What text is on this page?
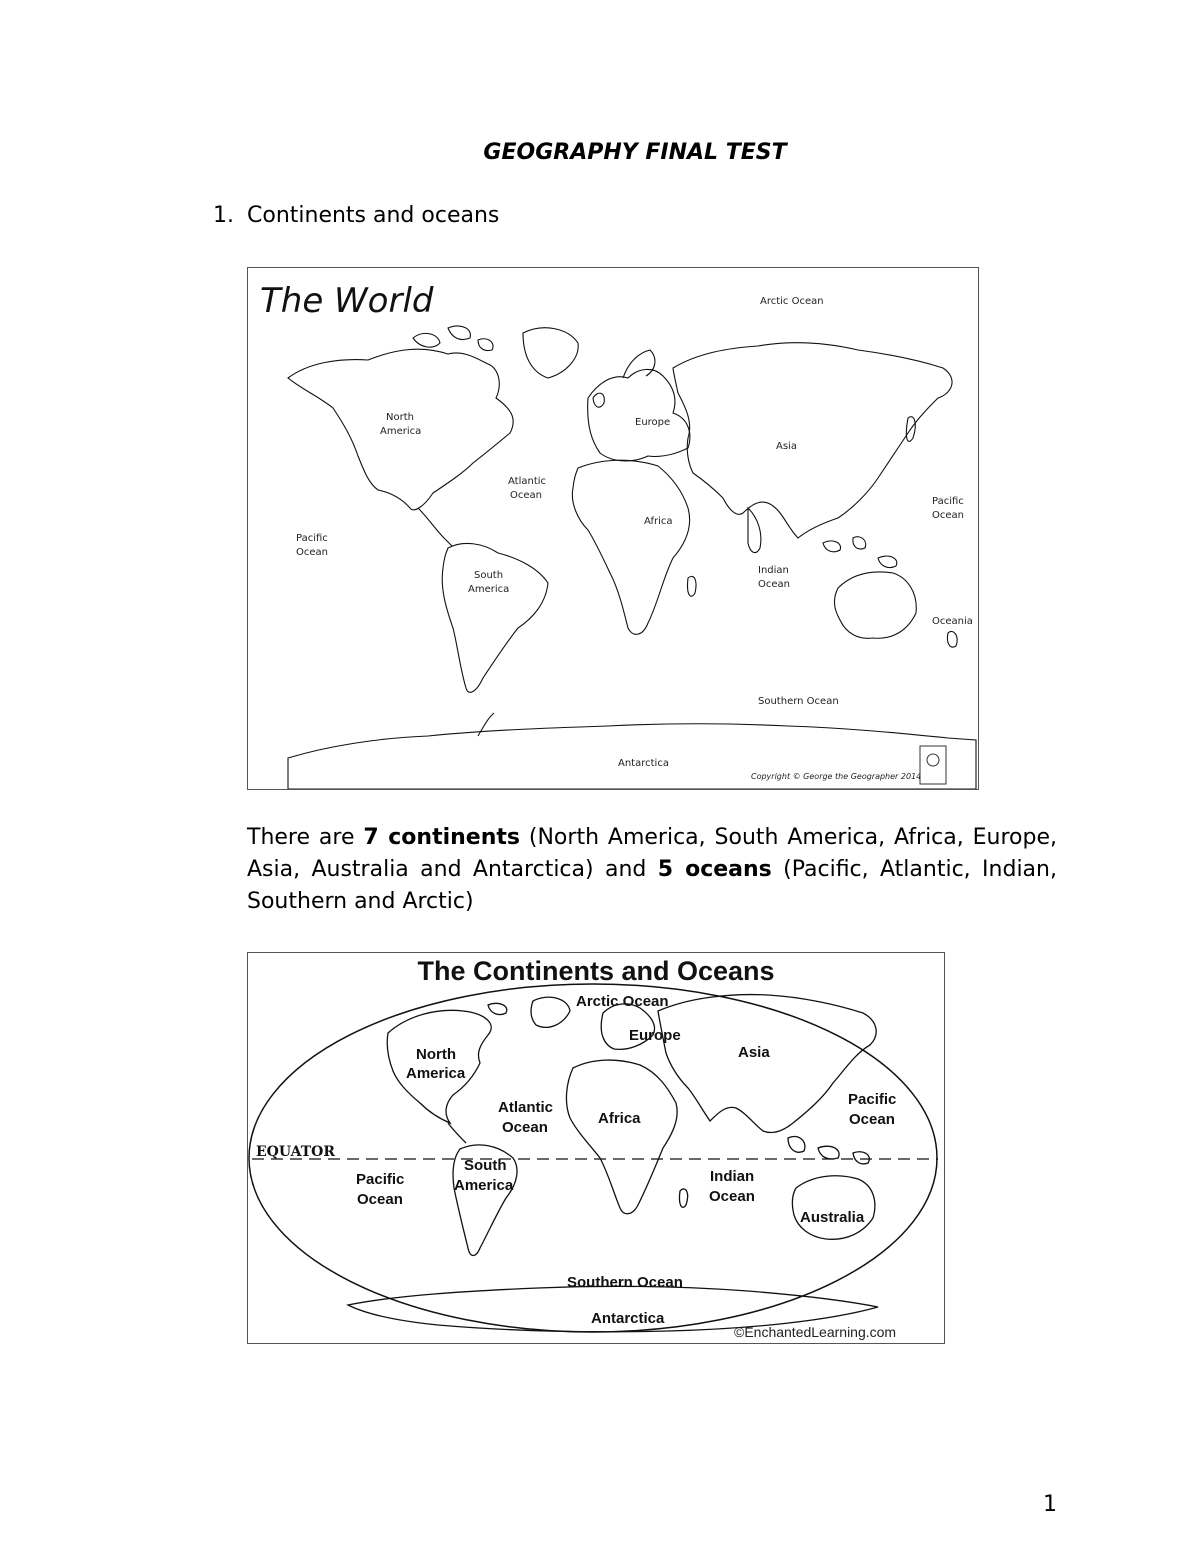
GEOGRAPHY FINAL TEST
1. Continents and oceans
The World	Arctic Ocean
North
America
Europe
Asia
Atlantic
Ocean
Pacific
Ocean
Pacific
Ocean
Africa
South
America
Indian
Ocean
Oceania
Southern Ocean
Antarctica
Copyright © George the Geographer 2014
There are 7 continents (North America, South America, Africa, Europe, Asia, Australia and Antarctica) and 5 oceans (Pacific, Atlantic, Indian, Southern and Arctic)
The Continents and Oceans
Arctic Ocean
Europe
North
America
Asia
Pacific
Ocean
Atlantic
Ocean
Africa
EQUATOR
South
America
Pacific
Ocean
Indian
Ocean
Australia
Southern Ocean
Antarctica
©EnchantedLearning.com
1
